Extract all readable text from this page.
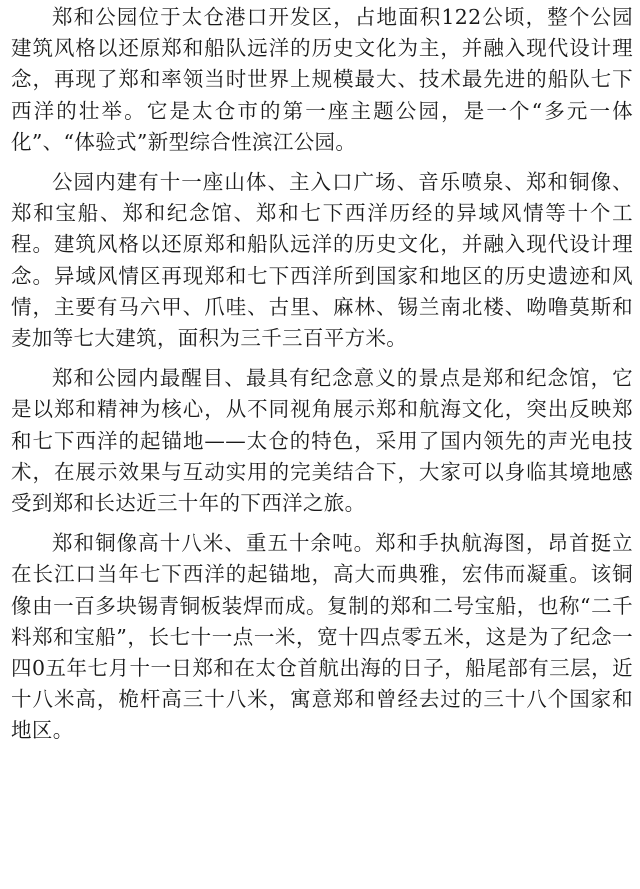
郑和公园位于太仓港口开发区，占地面积122公顷，整个公园建筑风格以还原郑和船队远洋的历史文化为主，并融入现代设计理念，再现了郑和率领当时世界上规模最大、技术最先进的船队七下西洋的壮举。它是太仓市的第一座主题公园，是一个“多元一体化”、“体验式”新型综合性滨江公园。

公园内建有十一座山体、主入口广场、音乐喷泉、郑和铜像、郑和宝船、郑和纪念馆、郑和七下西洋历经的异域风情等十个工程。建筑风格以还原郑和船队远洋的历史文化，并融入现代设计理念。异域风情区再现郑和七下西洋所到国家和地区的历史遗迹和风情，主要有马六甲、爪哇、古里、麻林、锡兰南北楼、呦噜莫斯和麦加等七大建筑，面积为三千三百平方米。

郑和公园内最醒目、最具有纪念意义的景点是郑和纪念馆，它是以郑和精神为核心，从不同视角展示郑和航海文化，突出反映郑和七下西洋的起锚地——太仓的特色，采用了国内领先的声光电技术，在展示效果与互动实用的完美结合下，大家可以身临其境地感受到郑和长达近三十年的下西洋之旅。

郑和铜像高十八米、重五十余吨。郑和手执航海图，昂首挺立在长江口当年七下西洋的起锚地，高大而典雅，宏伟而凝重。该铜像由一百多块锡青铜板装焊而成。复制的郑和二号宝船，也称“二千料郑和宝船”，长七十一点一米，宽十四点零五米，这是为了纪念一四0五年七月十一日郑和在太仓首航出海的日子，船尾部有三层，近十八米高，桅杆高三十八米，寓意郑和曾经去过的三十八个国家和地区。
